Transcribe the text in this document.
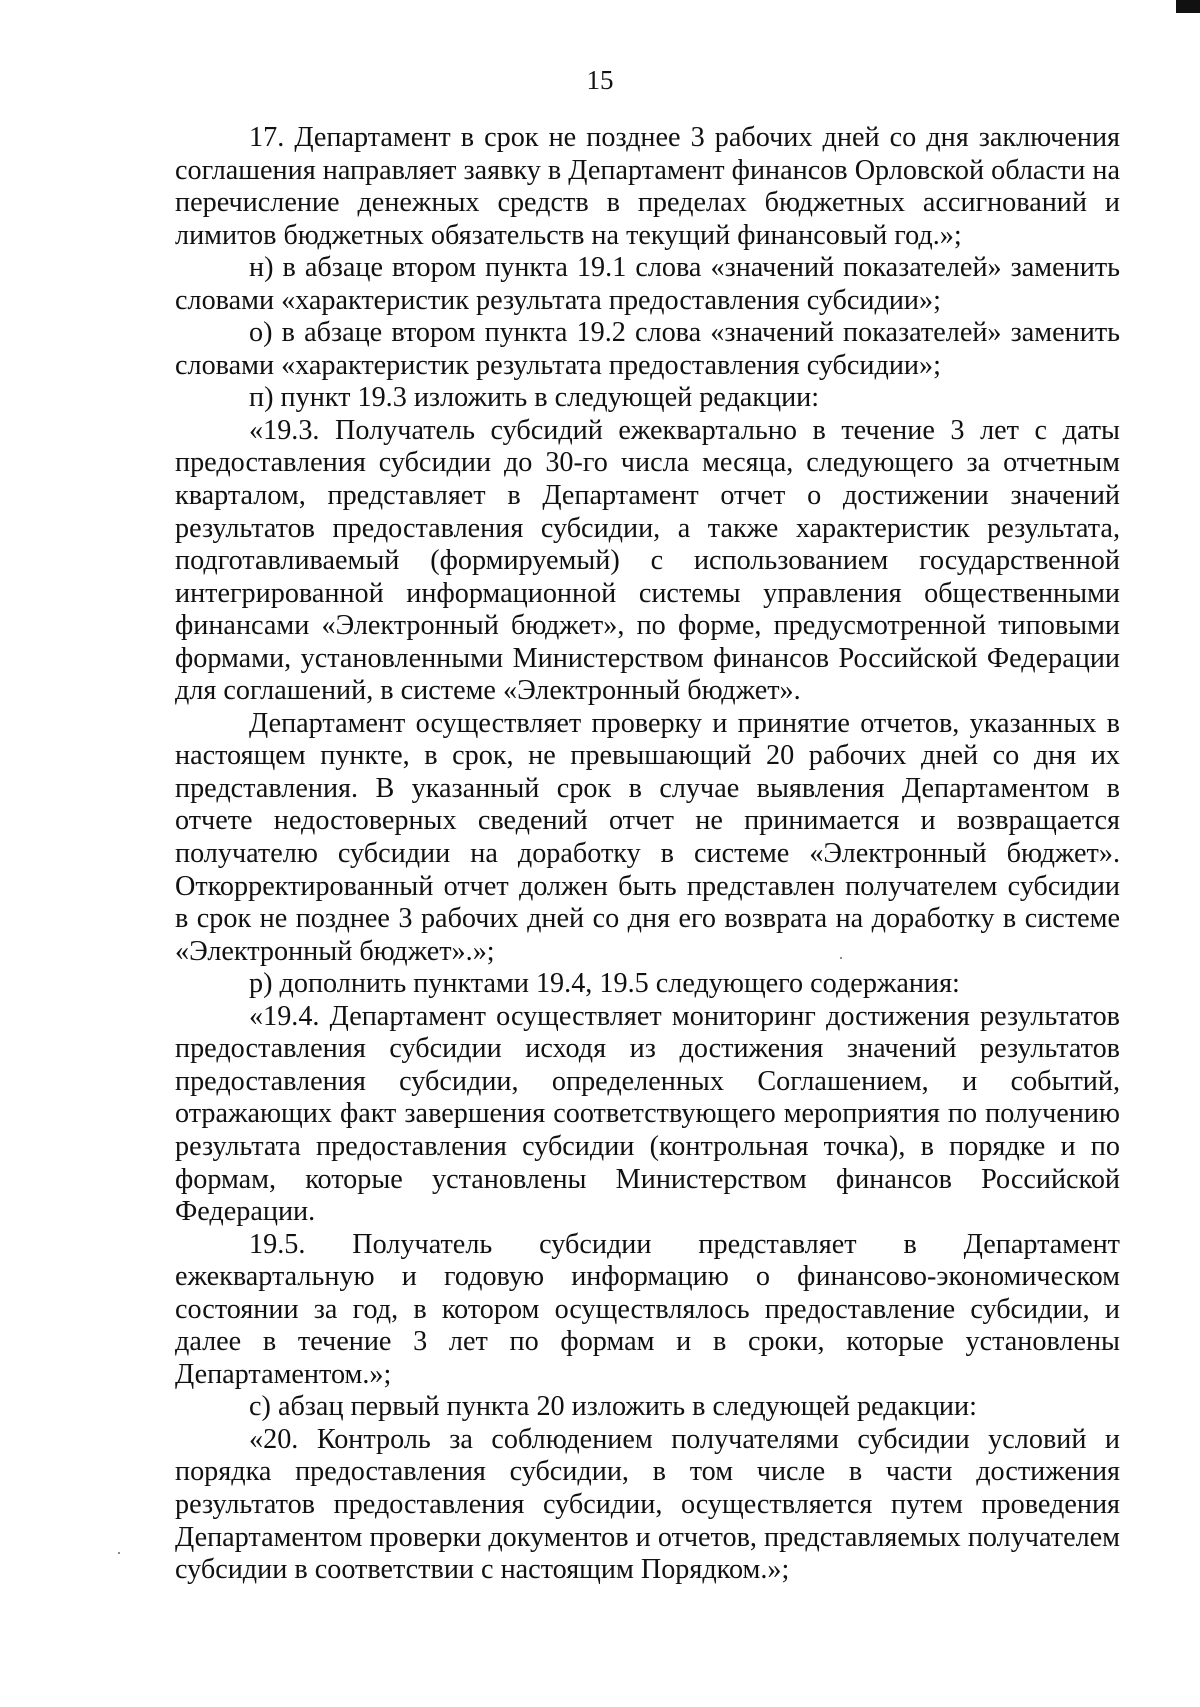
15

17. Департамент в срок не позднее 3 рабочих дней со дня заключения соглашения направляет заявку в Департамент финансов Орловской области на перечисление денежных средств в пределах бюджетных ассигнований и лимитов бюджетных обязательств на текущий финансовый год.»;

н) в абзаце втором пункта 19.1 слова «значений показателей» заменить словами «характеристик результата предоставления субсидии»;

о) в абзаце втором пункта 19.2 слова «значений показателей» заменить словами «характеристик результата предоставления субсидии»;

п) пункт 19.3 изложить в следующей редакции:

«19.3. Получатель субсидий ежеквартально в течение 3 лет с даты предоставления субсидии до 30-го числа месяца, следующего за отчетным кварталом, представляет в Департамент отчет о достижении значений результатов предоставления субсидии, а также характеристик результата, подготавливаемый (формируемый) с использованием государственной интегрированной информационной системы управления общественными финансами «Электронный бюджет», по форме, предусмотренной типовыми формами, установленными Министерством финансов Российской Федерации для соглашений, в системе «Электронный бюджет».

Департамент осуществляет проверку и принятие отчетов, указанных в настоящем пункте, в срок, не превышающий 20 рабочих дней со дня их представления. В указанный срок в случае выявления Департаментом в отчете недостоверных сведений отчет не принимается и возвращается получателю субсидии на доработку в системе «Электронный бюджет». Откорректированный отчет должен быть представлен получателем субсидии в срок не позднее 3 рабочих дней со дня его возврата на доработку в системе «Электронный бюджет».»;

р) дополнить пунктами 19.4, 19.5 следующего содержания:

«19.4. Департамент осуществляет мониторинг достижения результатов предоставления субсидии исходя из достижения значений результатов предоставления субсидии, определенных Соглашением, и событий, отражающих факт завершения соответствующего мероприятия по получению результата предоставления субсидии (контрольная точка), в порядке и по формам, которые установлены Министерством финансов Российской Федерации.

19.5. Получатель субсидии представляет в Департамент ежеквартальную и годовую информацию о финансово-экономическом состоянии за год, в котором осуществлялось предоставление субсидии, и далее в течение 3 лет по формам и в сроки, которые установлены Департаментом.»;

с) абзац первый пункта 20 изложить в следующей редакции:

«20. Контроль за соблюдением получателями субсидии условий и порядка предоставления субсидии, в том числе в части достижения результатов предоставления субсидии, осуществляется путем проведения Департаментом проверки документов и отчетов, представляемых получателем субсидии в соответствии с настоящим Порядком.»;
